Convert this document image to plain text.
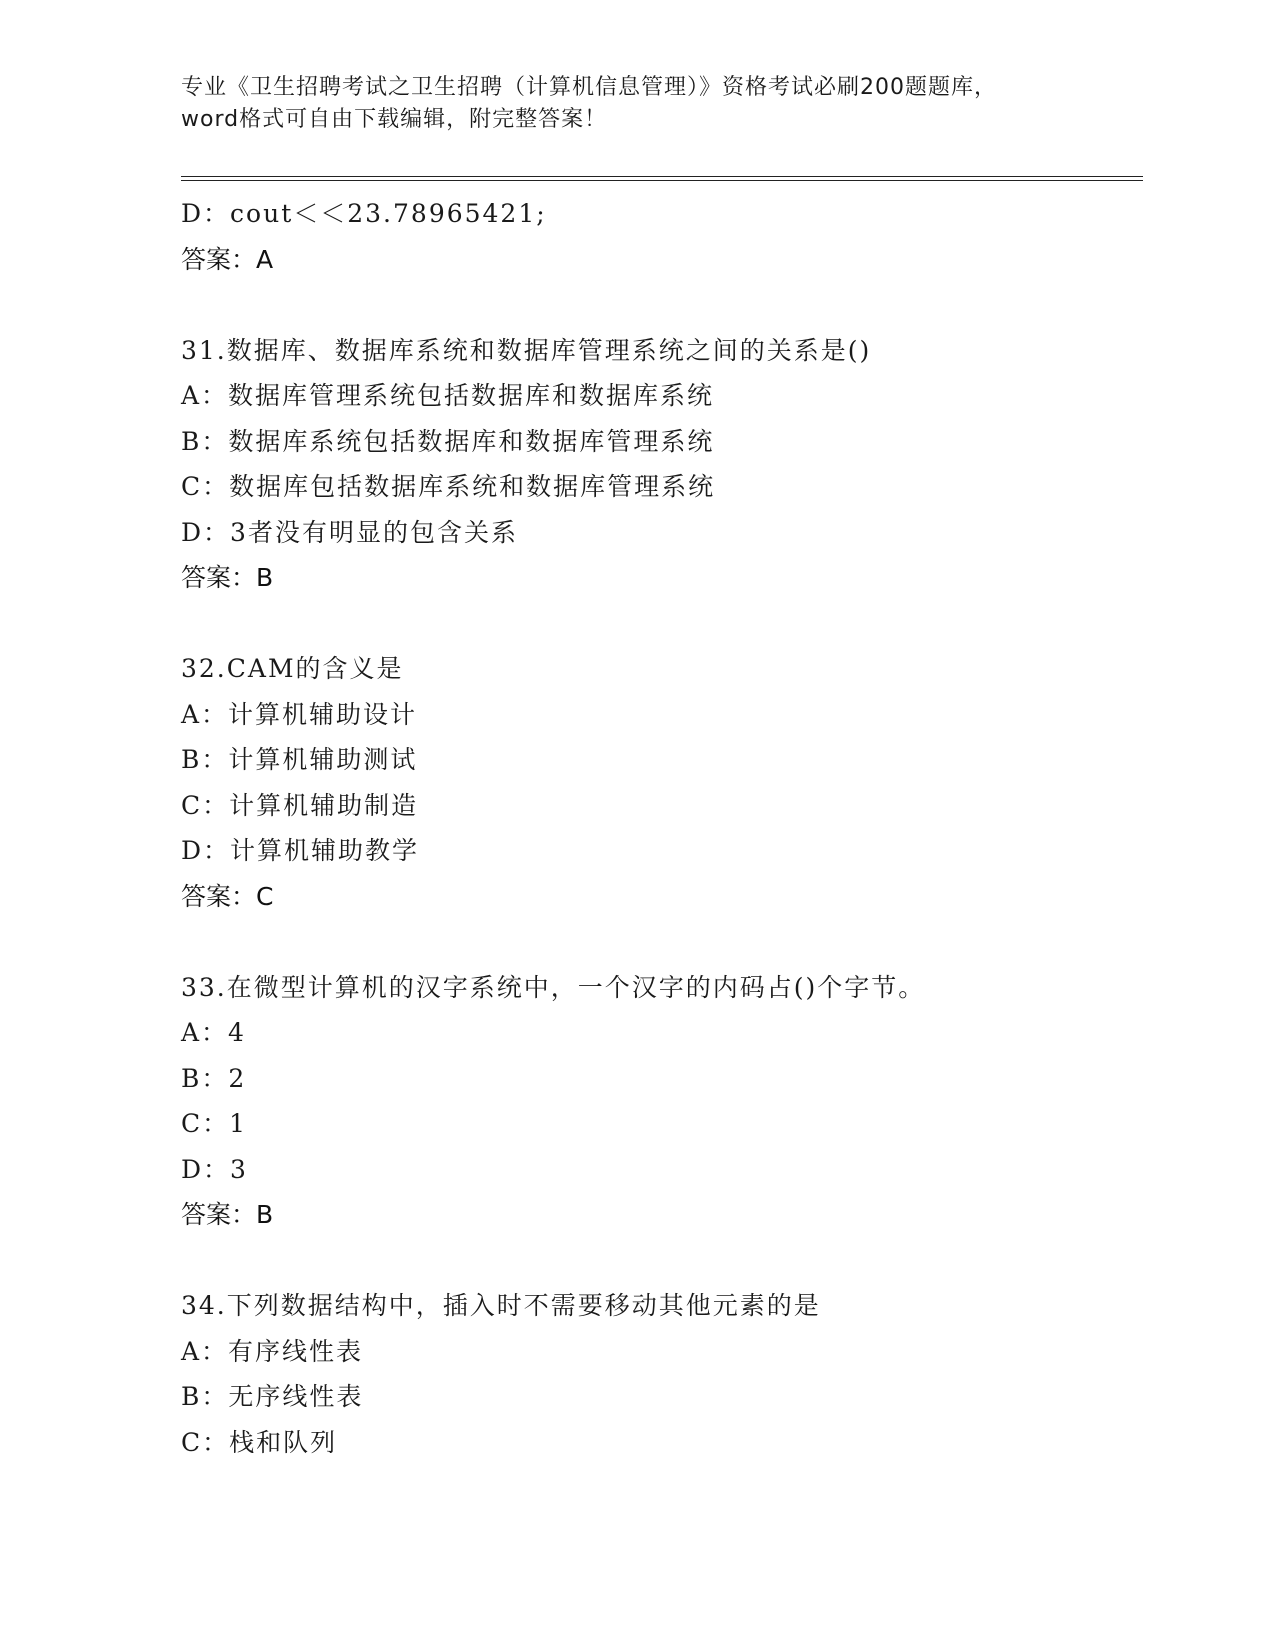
专业《卫生招聘考试之卫生招聘（计算机信息管理）》资格考试必刷200题题库，
word格式可自由下载编辑，附完整答案！
D：cout＜＜23.78965421;
答案：A
31.数据库、数据库系统和数据库管理系统之间的关系是()
A：数据库管理系统包括数据库和数据库系统
B：数据库系统包括数据库和数据库管理系统
C：数据库包括数据库系统和数据库管理系统
D：3者没有明显的包含关系
答案：B
32.CAM的含义是
A：计算机辅助设计
B：计算机辅助测试
C：计算机辅助制造
D：计算机辅助教学
答案：C
33.在微型计算机的汉字系统中，一个汉字的内码占()个字节。
A：4
B：2
C：1
D：3
答案：B
34.下列数据结构中，插入时不需要移动其他元素的是
A：有序线性表
B：无序线性表
C：栈和队列
